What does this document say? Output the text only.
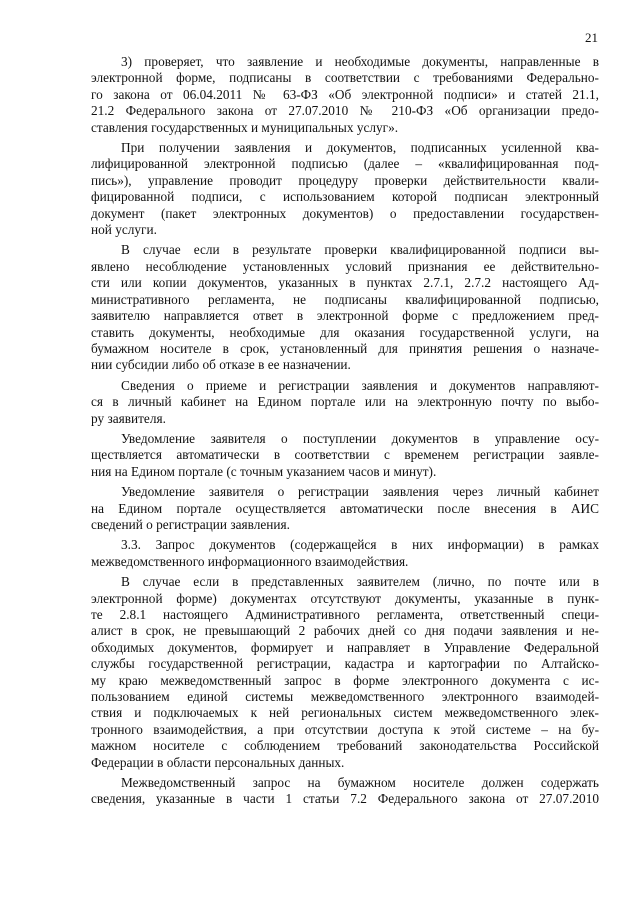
21
3) проверяет, что заявление и необходимые документы, направленные в
электронной форме, подписаны в соответствии с требованиями Федерально-
го закона от 06.04.2011 № 63-ФЗ «Об электронной подписи» и статей 21.1,
21.2 Федерального закона от 27.07.2010 № 210-ФЗ «Об организации предо-
ставления государственных и муниципальных услуг».
При получении заявления и документов, подписанных усиленной ква-
лифицированной электронной подписью (далее – «квалифицированная под-
пись»), управление проводит процедуру проверки действительности квали-
фицированной подписи, с использованием которой подписан электронный
документ (пакет электронных документов) о предоставлении государствен-
ной услуги.
В случае если в результате проверки квалифицированной подписи вы-
явлено несоблюдение установленных условий признания ее действительно-
сти или копии документов, указанных в пунктах 2.7.1, 2.7.2 настоящего Ад-
министративного регламента, не подписаны квалифицированной подписью,
заявителю направляется ответ в электронной форме с предложением пред-
ставить документы, необходимые для оказания государственной услуги, на
бумажном носителе в срок, установленный для принятия решения о назначе-
нии субсидии либо об отказе в ее назначении.
Сведения о приеме и регистрации заявления и документов направляют-
ся в личный кабинет на Едином портале или на электронную почту по выбо-
ру заявителя.
Уведомление заявителя о поступлении документов в управление осу-
ществляется автоматически в соответствии с временем регистрации заявле-
ния на Едином портале (с точным указанием часов и минут).
Уведомление заявителя о регистрации заявления через личный кабинет
на Едином портале осуществляется автоматически после внесения в АИС
сведений о регистрации заявления.
3.3. Запрос документов (содержащейся в них информации) в рамках
межведомственного информационного взаимодействия.
В случае если в представленных заявителем (лично, по почте или в
электронной форме) документах отсутствуют документы, указанные в пунк-
те 2.8.1 настоящего Административного регламента, ответственный специ-
алист в срок, не превышающий 2 рабочих дней со дня подачи заявления и не-
обходимых документов, формирует и направляет в Управление Федеральной
службы государственной регистрации, кадастра и картографии по Алтайско-
му краю межведомственный запрос в форме электронного документа с ис-
пользованием единой системы межведомственного электронного взаимодей-
ствия и подключаемых к ней региональных систем межведомственного элек-
тронного взаимодействия, а при отсутствии доступа к этой системе – на бу-
мажном носителе с соблюдением требований законодательства Российской
Федерации в области персональных данных.
Межведомственный запрос на бумажном носителе должен содержать
сведения, указанные в части 1 статьи 7.2 Федерального закона от 27.07.2010
